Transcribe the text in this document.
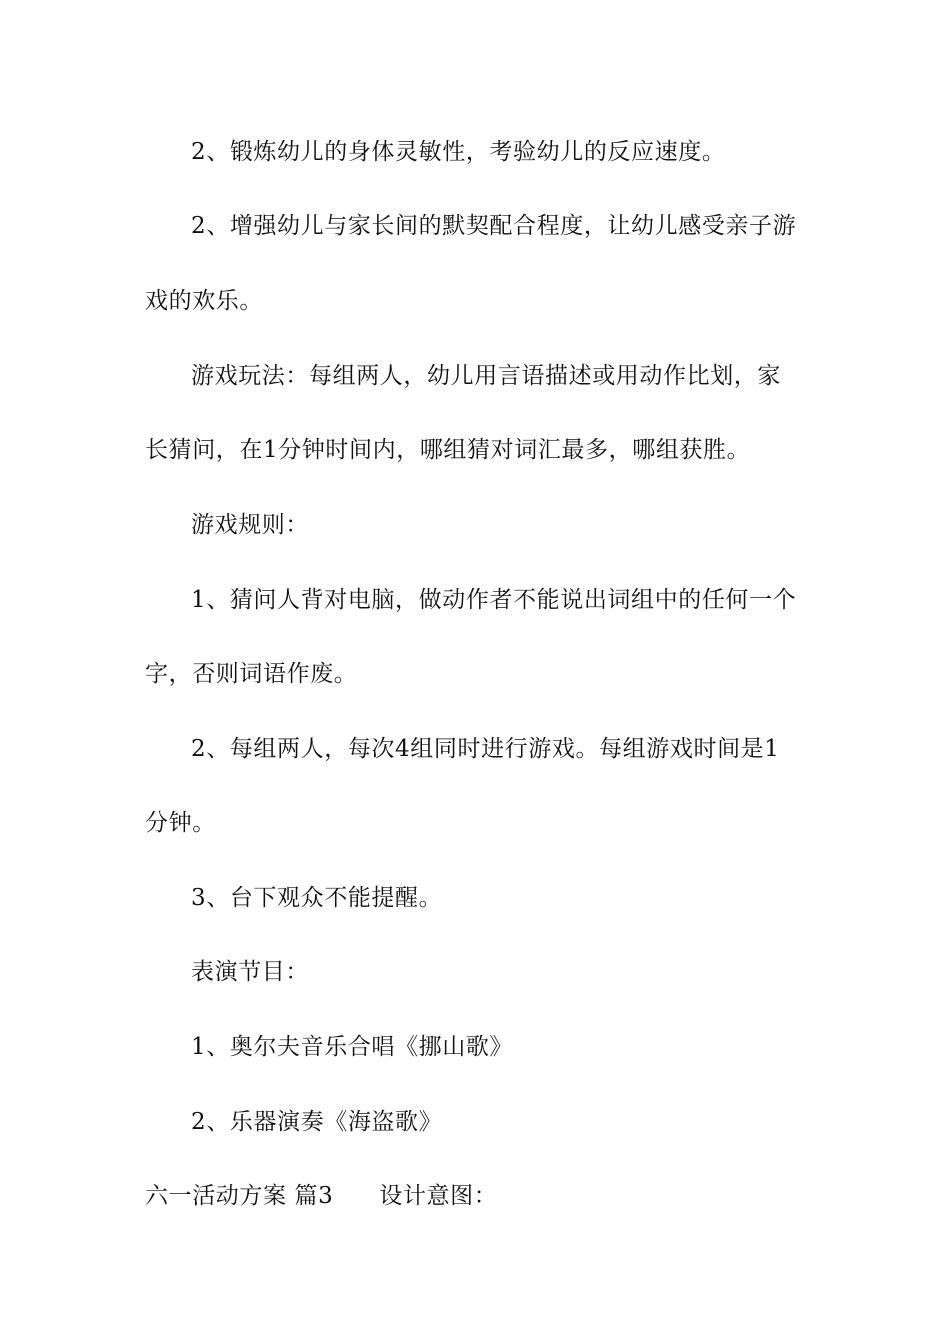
2、锻炼幼儿的身体灵敏性，考验幼儿的反应速度。
2、增强幼儿与家长间的默契配合程度，让幼儿感受亲子游
戏的欢乐。
游戏玩法：每组两人，幼儿用言语描述或用动作比划，家
长猜问，在1分钟时间内，哪组猜对词汇最多，哪组获胜。
游戏规则：
1、猜问人背对电脑，做动作者不能说出词组中的任何一个
字，否则词语作废。
2、每组两人，每次4组同时进行游戏。每组游戏时间是1
分钟。
3、台下观众不能提醒。
表演节目：
1、奥尔夫音乐合唱《挪山歌》
2、乐器演奏《海盗歌》
六一活动方案 篇3 设计意图：
